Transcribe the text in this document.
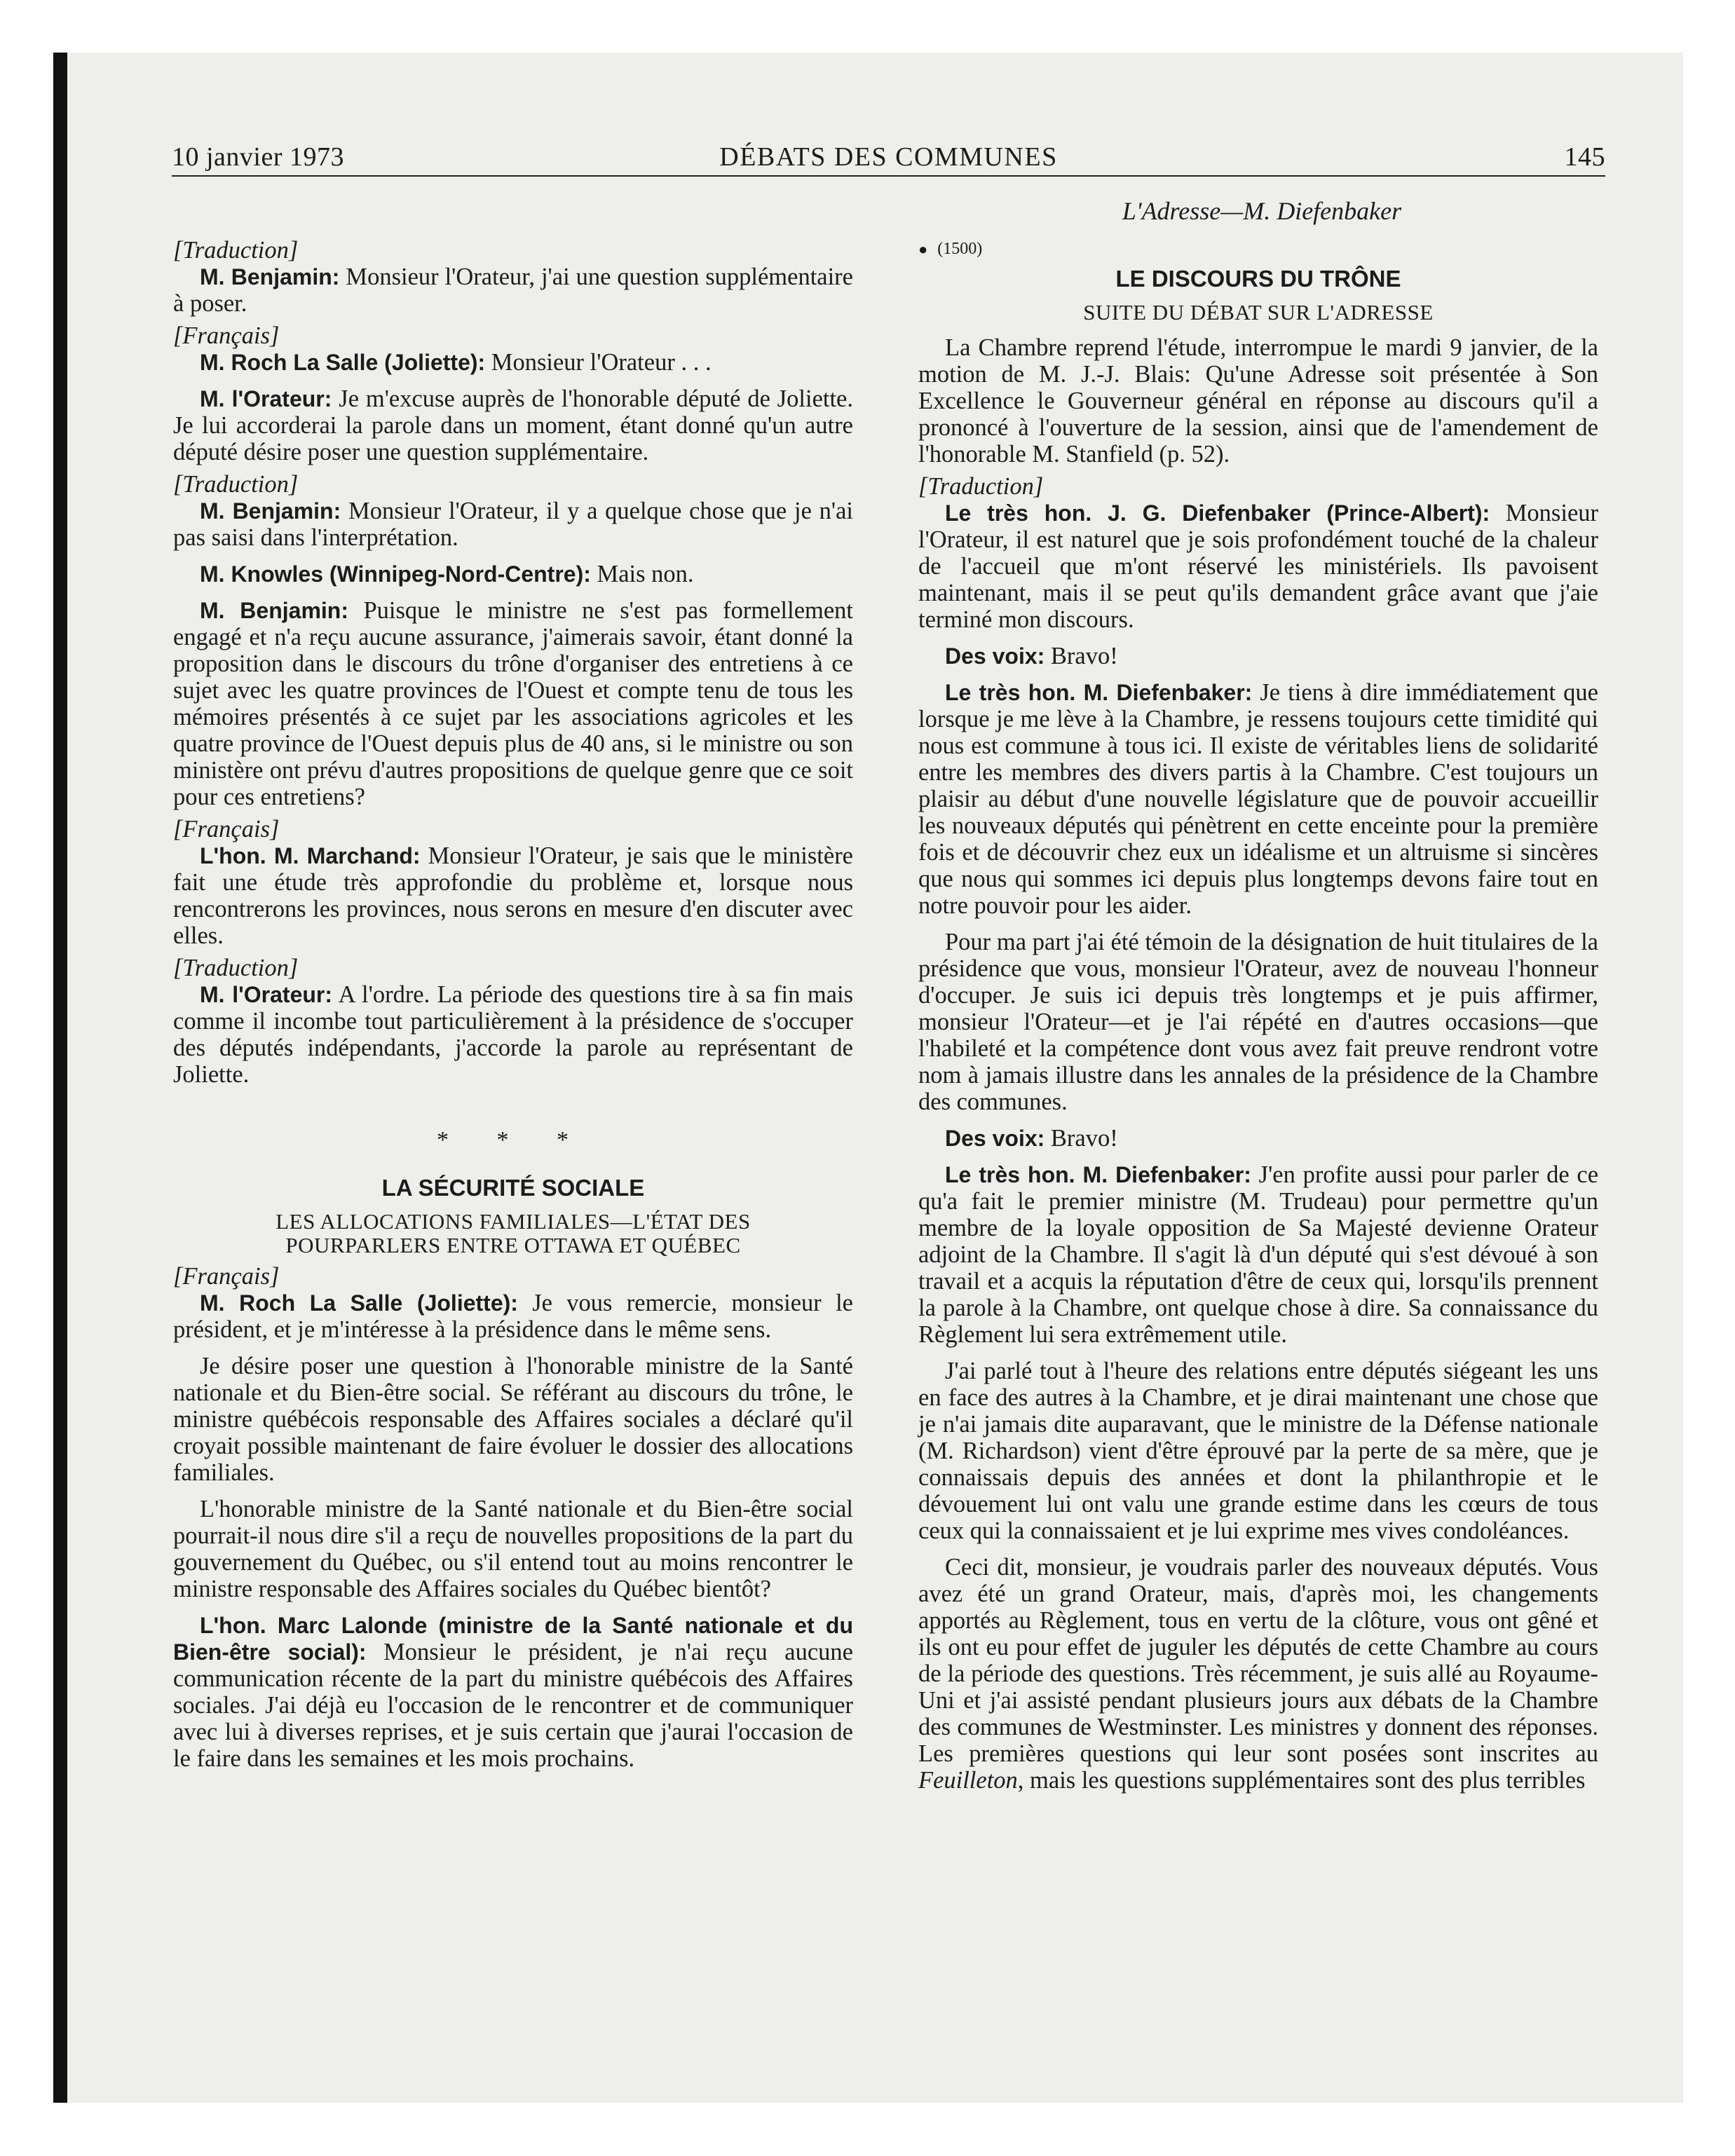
10 janvier 1973	DÉBATS DES COMMUNES	145
L'Adresse—M. Diefenbaker

[Traduction]

M. Benjamin: Monsieur l'Orateur, j'ai une question supplémentaire à poser.

[Français]

M. Roch La Salle (Joliette): Monsieur l'Orateur . . .

M. l'Orateur: Je m'excuse auprès de l'honorable député de Joliette. Je lui accorderai la parole dans un moment, étant donné qu'un autre député désire poser une question supplémentaire.

[Traduction]

M. Benjamin: Monsieur l'Orateur, il y a quelque chose que je n'ai pas saisi dans l'interprétation.

M. Knowles (Winnipeg-Nord-Centre): Mais non.

M. Benjamin: Puisque le ministre ne s'est pas formellement engagé et n'a reçu aucune assurance, j'aimerais savoir, étant donné la proposition dans le discours du trône d'organiser des entretiens à ce sujet avec les quatre provinces de l'Ouest et compte tenu de tous les mémoires présentés à ce sujet par les associations agricoles et les quatre province de l'Ouest depuis plus de 40 ans, si le ministre ou son ministère ont prévu d'autres propositions de quelque genre que ce soit pour ces entretiens?

[Français]

L'hon. M. Marchand: Monsieur l'Orateur, je sais que le ministère fait une étude très approfondie du problème et, lorsque nous rencontrerons les provinces, nous serons en mesure d'en discuter avec elles.

[Traduction]

M. l'Orateur: A l'ordre. La période des questions tire à sa fin mais comme il incombe tout particulièrement à la présidence de s'occuper des députés indépendants, j'accorde la parole au représentant de Joliette.

* * *

LA SÉCURITÉ SOCIALE

LES ALLOCATIONS FAMILIALES—L'ÉTAT DES POURPARLERS ENTRE OTTAWA ET QUÉBEC

[Français]

M. Roch La Salle (Joliette): Je vous remercie, monsieur le président, et je m'intéresse à la présidence dans le même sens.

Je désire poser une question à l'honorable ministre de la Santé nationale et du Bien-être social. Se référant au discours du trône, le ministre québécois responsable des Affaires sociales a déclaré qu'il croyait possible maintenant de faire évoluer le dossier des allocations familiales.

L'honorable ministre de la Santé nationale et du Bien-être social pourrait-il nous dire s'il a reçu de nouvelles propositions de la part du gouvernement du Québec, ou s'il entend tout au moins rencontrer le ministre responsable des Affaires sociales du Québec bientôt?

L'hon. Marc Lalonde (ministre de la Santé nationale et du Bien-être social): Monsieur le président, je n'ai reçu aucune communication récente de la part du ministre québécois des Affaires sociales. J'ai déjà eu l'occasion de le rencontrer et de communiquer avec lui à diverses reprises, et je suis certain que j'aurai l'occasion de le faire dans les semaines et les mois prochains.

● (1500)

LE DISCOURS DU TRÔNE

SUITE DU DÉBAT SUR L'ADRESSE

La Chambre reprend l'étude, interrompue le mardi 9 janvier, de la motion de M. J.-J. Blais: Qu'une Adresse soit présentée à Son Excellence le Gouverneur général en réponse au discours qu'il a prononcé à l'ouverture de la session, ainsi que de l'amendement de l'honorable M. Stanfield (p. 52).

[Traduction]

Le très hon. J. G. Diefenbaker (Prince-Albert): Monsieur l'Orateur, il est naturel que je sois profondément touché de la chaleur de l'accueil que m'ont réservé les ministériels. Ils pavoisent maintenant, mais il se peut qu'ils demandent grâce avant que j'aie terminé mon discours.

Des voix: Bravo!

Le très hon. M. Diefenbaker: Je tiens à dire immédiatement que lorsque je me lève à la Chambre, je ressens toujours cette timidité qui nous est commune à tous ici. Il existe de véritables liens de solidarité entre les membres des divers partis à la Chambre. C'est toujours un plaisir au début d'une nouvelle législature que de pouvoir accueillir les nouveaux députés qui pénètrent en cette enceinte pour la première fois et de découvrir chez eux un idéalisme et un altruisme si sincères que nous qui sommes ici depuis plus longtemps devons faire tout en notre pouvoir pour les aider.

Pour ma part j'ai été témoin de la désignation de huit titulaires de la présidence que vous, monsieur l'Orateur, avez de nouveau l'honneur d'occuper. Je suis ici depuis très longtemps et je puis affirmer, monsieur l'Orateur—et je l'ai répété en d'autres occasions—que l'habileté et la compétence dont vous avez fait preuve rendront votre nom à jamais illustre dans les annales de la présidence de la Chambre des communes.

Des voix: Bravo!

Le très hon. M. Diefenbaker: J'en profite aussi pour parler de ce qu'a fait le premier ministre (M. Trudeau) pour permettre qu'un membre de la loyale opposition de Sa Majesté devienne Orateur adjoint de la Chambre. Il s'agit là d'un député qui s'est dévoué à son travail et a acquis la réputation d'être de ceux qui, lorsqu'ils prennent la parole à la Chambre, ont quelque chose à dire. Sa connaissance du Règlement lui sera extrêmement utile.

J'ai parlé tout à l'heure des relations entre députés siégeant les uns en face des autres à la Chambre, et je dirai maintenant une chose que je n'ai jamais dite auparavant, que le ministre de la Défense nationale (M. Richardson) vient d'être éprouvé par la perte de sa mère, que je connaissais depuis des années et dont la philanthropie et le dévouement lui ont valu une grande estime dans les cœurs de tous ceux qui la connaissaient et je lui exprime mes vives condoléances.

Ceci dit, monsieur, je voudrais parler des nouveaux députés. Vous avez été un grand Orateur, mais, d'après moi, les changements apportés au Règlement, tous en vertu de la clôture, vous ont gêné et ils ont eu pour effet de juguler les députés de cette Chambre au cours de la période des questions. Très récemment, je suis allé au Royaume-Uni et j'ai assisté pendant plusieurs jours aux débats de la Chambre des communes de Westminster. Les ministres y donnent des réponses. Les premières questions qui leur sont posées sont inscrites au Feuilleton, mais les questions supplémentaires sont des plus terribles
